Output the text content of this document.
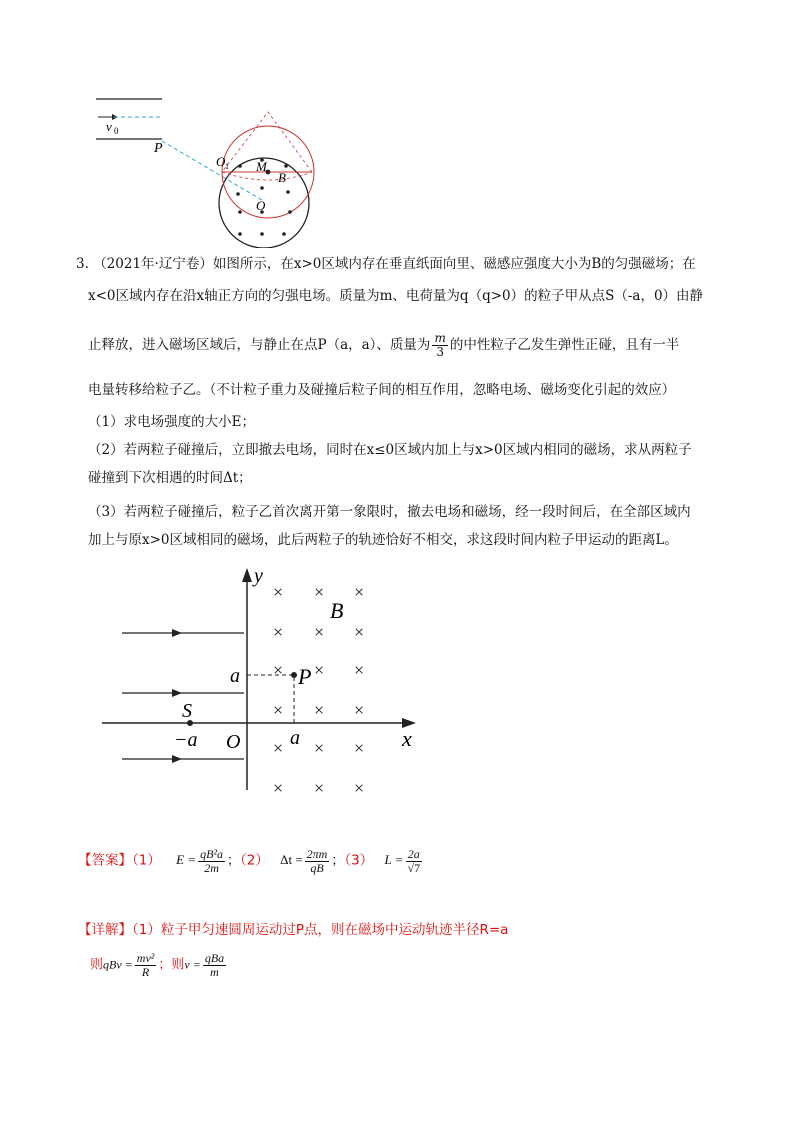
v 0
P
O 1 M
B
O
3. （2021年·辽宁卷）如图所示，在x>0区域内存在垂直纸面向里、磁感应强度大小为B的匀强磁场；在
x<0区域内存在沿x轴正方向的匀强电场。质量为m、电荷量为q（q>0）的粒子甲从点S（-a，0）由静
止释放，进入磁场区域后，与静止在点P（a，a）、质量为 $\frac{m}{3}$ 的中性粒子乙发生弹性正碰，且有一半
电量转移给粒子乙。（不计粒子重力及碰撞后粒子间的相互作用，忽略电场、磁场变化引起的效应）
（1）求电场强度的大小E；
（2）若两粒子碰撞后，立即撤去电场，同时在x≤0区域内加上与x>0区域内相同的磁场，求从两粒子
碰撞到下次相遇的时间Δt；
（3）若两粒子碰撞后，粒子乙首次离开第一象限时，撤去电场和磁场，经一段时间后，在全部区域内
加上与原x>0区域相同的磁场，此后两粒子的轨迹恰好不相交，求这段时间内粒子甲运动的距离L。
× × ×
× × ×
× × ×
× × ×
× × ×
× × ×
y
x
B
a	P
S
−a O a
【答案】（1） $E = \frac{\text{qB²a}}{2m}$ ；（2） $\Delta t = \frac{2\pi m}{qB}$ ；（3） $L = \frac{2a}{√7}$
【详解】（1）粒子甲匀速圆周运动过P点，则在磁场中运动轨迹半径R=a
则qBv = $\frac{\text{mv²}}{R}$ ；则$v = \frac{\text{qBa}}{m}$
